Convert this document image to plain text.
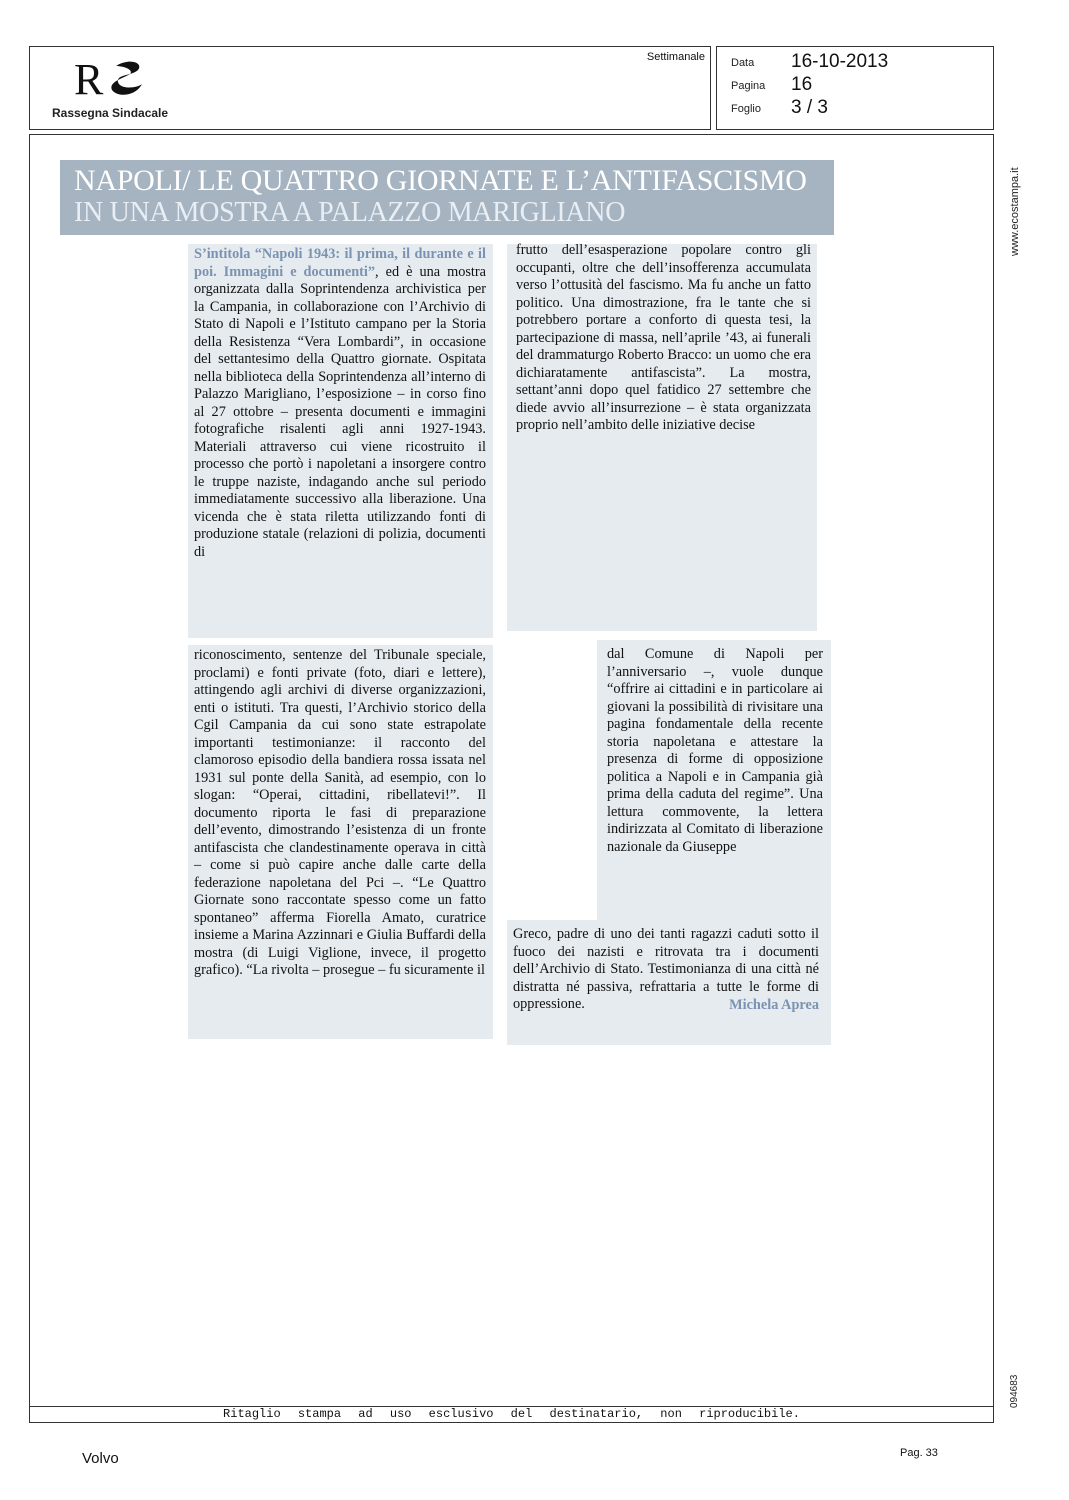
R
Rassegna Sindacale
Settimanale Data	16-10-2013
Pagina	16
Foglio	3 / 3
www.ecostampa.it
094683
NAPOLI/ LE QUATTRO GIORNATE E L’ANTIFASCISMO
IN UNA MOSTRA A PALAZZO MARIGLIANO
S’intitola “Napoli 1943: il prima, il durante e il poi. Immagini e documenti”, ed è una mostra organizzata dalla Soprintendenza archivistica per la Campania, in collaborazione con l’Archivio di Stato di Napoli e l’Istituto campano per la Storia della Resistenza “Vera Lombardi”, in occasione del settantesimo della Quattro giornate. Ospitata nella biblioteca della Soprintendenza all’interno di Palazzo Marigliano, l’esposizione – in corso fino al 27 ottobre – presenta documenti e immagini fotografiche risalenti agli anni 1927-1943. Materiali attraverso cui viene ricostruito il processo che portò i napoletani a insorgere contro le truppe naziste, indagando anche sul periodo immediatamente successivo alla liberazione. Una vicenda che è stata riletta utilizzando fonti di produzione statale (relazioni di polizia, documenti di
riconoscimento, sentenze del Tribunale speciale, proclami) e fonti private (foto, diari e lettere), attingendo agli archivi di diverse organizzazioni, enti o istituti. Tra questi, l’Archivio storico della Cgil Campania da cui sono state estrapolate importanti testimonianze: il racconto del clamoroso episodio della bandiera rossa issata nel 1931 sul ponte della Sanità, ad esempio, con lo slogan: “Operai, cittadini, ribellatevi!”. Il documento riporta le fasi di preparazione dell’evento, dimostrando l’esistenza di un fronte antifascista che clandestinamente operava in città – come si può capire anche dalle carte della federazione napoletana del Pci –. “Le Quattro Giornate sono raccontate spesso come un fatto spontaneo” afferma Fiorella Amato, curatrice insieme a Marina Azzinnari e Giulia Buffardi della mostra (di Luigi Viglione, invece, il progetto grafico). “La rivolta – prosegue – fu sicuramente il
frutto dell’esasperazione popolare contro gli occupanti, oltre che dell’insofferenza accumulata verso l’ottusità del fascismo. Ma fu anche un fatto politico. Una dimostrazione, fra le tante che si potrebbero portare a conforto di questa tesi, la partecipazione di massa, nell’aprile ’43, ai funerali del drammaturgo Roberto Bracco: un uomo che era dichiaratamente antifascista”. La mostra, settant’anni dopo quel fatidico 27 settembre che diede avvio all’insurrezione – è stata organizzata proprio nell’ambito delle iniziative decise
dal Comune di Napoli per l’anniversario –, vuole dunque “offrire ai cittadini e in particolare ai giovani la possibilità di rivisitare una pagina fondamentale della recente storia napoletana e attestare la presenza di forme di opposizione politica a Napoli e in Campania già prima della caduta del regime”. Una lettura commovente, la lettera indirizzata al Comitato di liberazione nazionale da Giuseppe
Greco, padre di uno dei tanti ragazzi caduti sotto il fuoco dei nazisti e ritrovata tra i documenti dell’Archivio di Stato. Testimonianza di una città né distratta né passiva, refrattaria a tutte le forme di oppressione.	Michela Aprea
Ritaglio stampa ad uso esclusivo del destinatario, non riproducibile.
Volvo	Pag. 33
